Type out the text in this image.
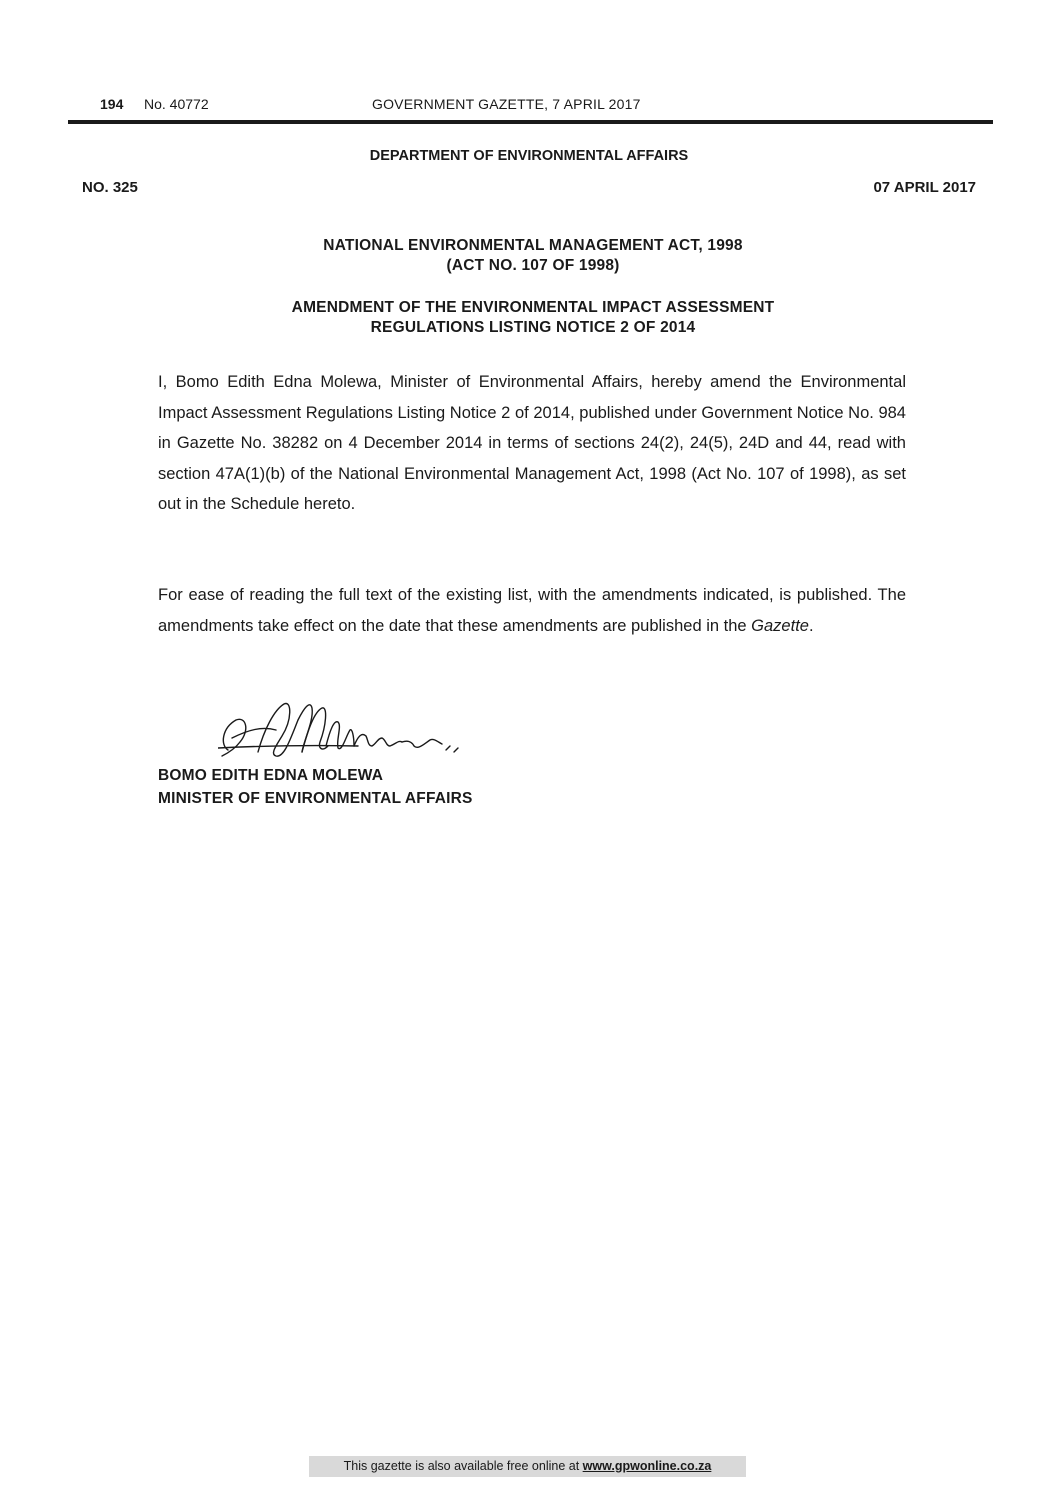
194 No. 40772	GOVERNMENT GAZETTE, 7 APRIL 2017
DEPARTMENT OF ENVIRONMENTAL AFFAIRS
NO. 325	07 APRIL 2017
NATIONAL ENVIRONMENTAL MANAGEMENT ACT, 1998
(ACT NO. 107 OF 1998)
AMENDMENT OF THE ENVIRONMENTAL IMPACT ASSESSMENT
REGULATIONS LISTING NOTICE 2 OF 2014
I, Bomo Edith Edna Molewa, Minister of Environmental Affairs, hereby amend the Environmental Impact Assessment Regulations Listing Notice 2 of 2014, published under Government Notice No. 984 in Gazette No. 38282 on 4 December 2014 in terms of sections 24(2), 24(5), 24D and 44, read with section 47A(1)(b) of the National Environmental Management Act, 1998 (Act No. 107 of 1998), as set out in the Schedule hereto.
For ease of reading the full text of the existing list, with the amendments indicated, is published. The amendments take effect on the date that these amendments are published in the Gazette.
BOMO EDITH EDNA MOLEWA
MINISTER OF ENVIRONMENTAL AFFAIRS
This gazette is also available free online at www.gpwonline.co.za
